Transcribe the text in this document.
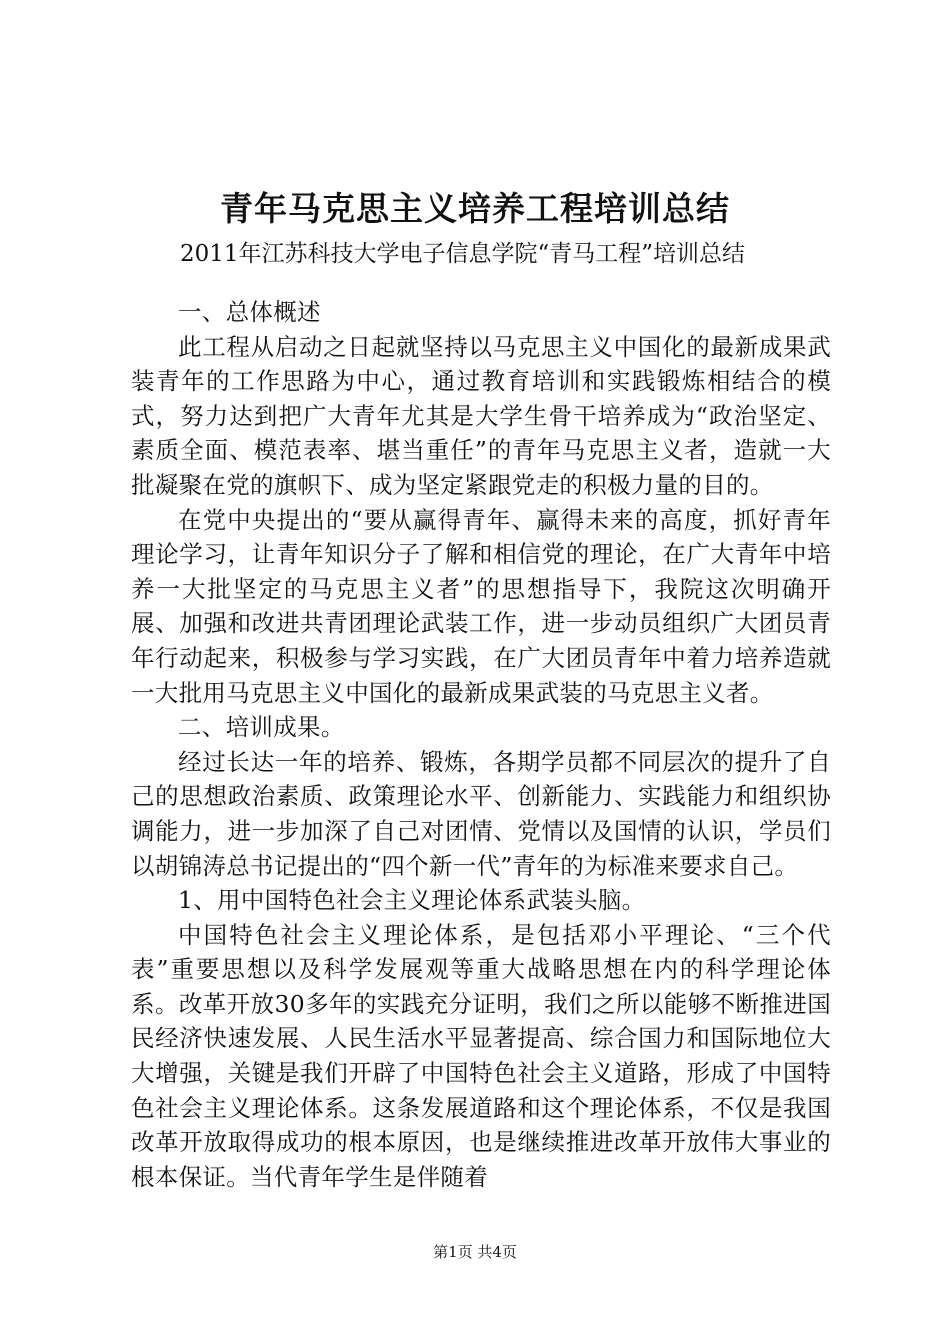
青年马克思主义培养工程培训总结
2011年江苏科技大学电子信息学院“青马工程”培训总结

一、总体概述

此工程从启动之日起就坚持以马克思主义中国化的最新成果武装青年的工作思路为中心，通过教育培训和实践锻炼相结合的模式，努力达到把广大青年尤其是大学生骨干培养成为“政治坚定、素质全面、模范表率、堪当重任”的青年马克思主义者，造就一大批凝聚在党的旗帜下、成为坚定紧跟党走的积极力量的目的。

在党中央提出的“要从赢得青年、赢得未来的高度，抓好青年理论学习，让青年知识分子了解和相信党的理论，在广大青年中培养一大批坚定的马克思主义者”的思想指导下，我院这次明确开展、加强和改进共青团理论武装工作，进一步动员组织广大团员青年行动起来，积极参与学习实践，在广大团员青年中着力培养造就一大批用马克思主义中国化的最新成果武装的马克思主义者。

二、培训成果。

经过长达一年的培养、锻炼，各期学员都不同层次的提升了自己的思想政治素质、政策理论水平、创新能力、实践能力和组织协调能力，进一步加深了自己对团情、党情以及国情的认识，学员们以胡锦涛总书记提出的“四个新一代”青年的为标准来要求自己。

1、用中国特色社会主义理论体系武装头脑。

中国特色社会主义理论体系，是包括邓小平理论、“三个代表”重要思想以及科学发展观等重大战略思想在内的科学理论体系。改革开放30多年的实践充分证明，我们之所以能够不断推进国民经济快速发展、人民生活水平显著提高、综合国力和国际地位大大增强，关键是我们开辟了中国特色社会主义道路，形成了中国特色社会主义理论体系。这条发展道路和这个理论体系，不仅是我国改革开放取得成功的根本原因，也是继续推进改革开放伟大事业的根本保证。当代青年学生是伴随着

第1页 共4页
